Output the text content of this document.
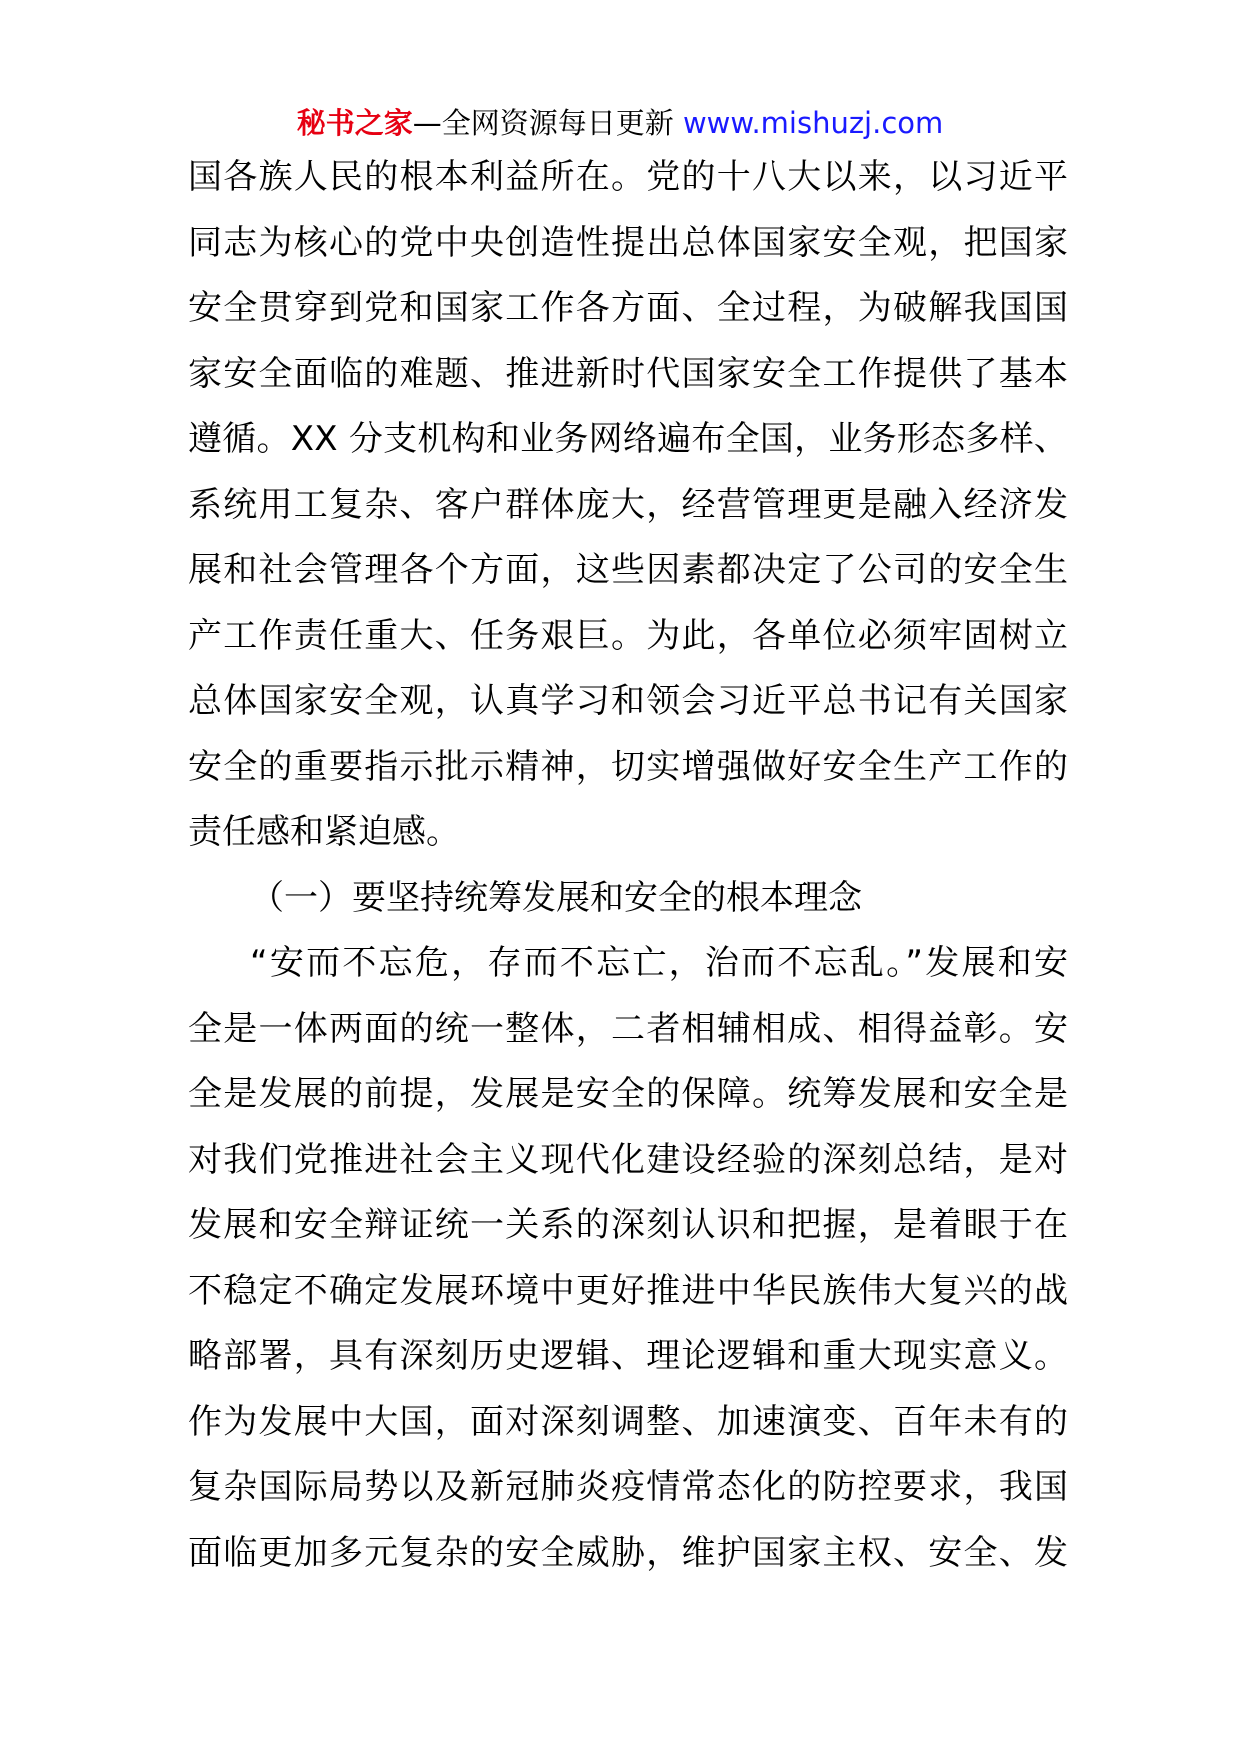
秘书之家—全网资源每日更新 www.mishuzj.com
国各族人民的根本利益所在。党的十八大以来，以习近平
同志为核心的党中央创造性提出总体国家安全观，把国家
安全贯穿到党和国家工作各方面、全过程，为破解我国国
家安全面临的难题、推进新时代国家安全工作提供了基本
遵循。XX 分支机构和业务网络遍布全国，业务形态多样、
系统用工复杂、客户群体庞大，经营管理更是融入经济发
展和社会管理各个方面，这些因素都决定了公司的安全生
产工作责任重大、任务艰巨。为此，各单位必须牢固树立
总体国家安全观，认真学习和领会习近平总书记有关国家
安全的重要指示批示精神，切实增强做好安全生产工作的
责任感和紧迫感。
（一）要坚持统筹发展和安全的根本理念
“安而不忘危，存而不忘亡，治而不忘乱。”发展和安
全是一体两面的统一整体，二者相辅相成、相得益彰。安
全是发展的前提，发展是安全的保障。统筹发展和安全是
对我们党推进社会主义现代化建设经验的深刻总结，是对
发展和安全辩证统一关系的深刻认识和把握，是着眼于在
不稳定不确定发展环境中更好推进中华民族伟大复兴的战
略部署，具有深刻历史逻辑、理论逻辑和重大现实意义。
作为发展中大国，面对深刻调整、加速演变、百年未有的
复杂国际局势以及新冠肺炎疫情常态化的防控要求，我国
面临更加多元复杂的安全威胁，维护国家主权、安全、发
